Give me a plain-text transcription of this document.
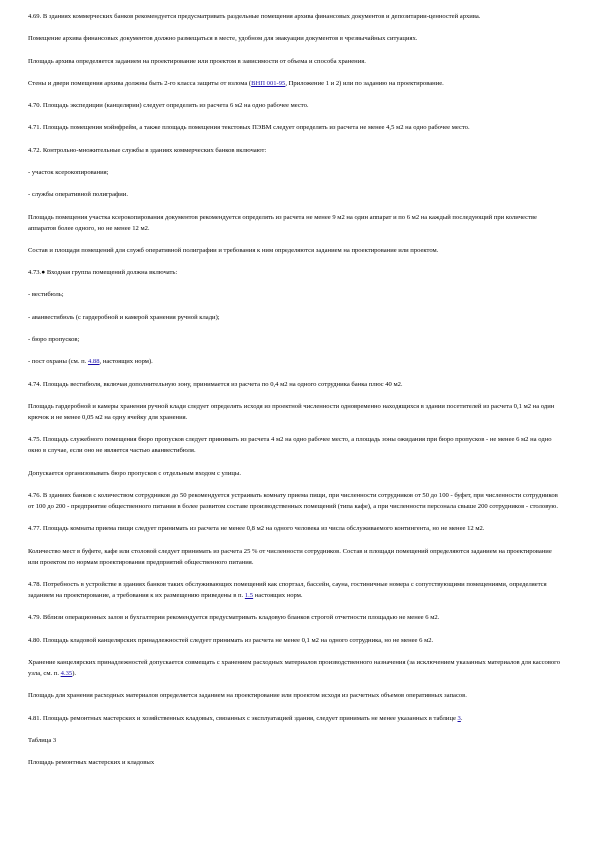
4.69. В зданиях коммерческих банков рекомендуется предусматривать раздельные помещения архива финансовых документов и депозитарии-ценностей архива.

Помещение архива финансовых документов должно размещаться в месте, удобном для эвакуации документов в чрезвычайных ситуациях.

Площадь архива определяется заданием на проектирование или проектом в зависимости от объема и способа хранения.

Стены и двери помещения архива должны быть 2-го класса защиты от взлома (ВНП 001-95, Приложение 1 и 2) или по заданию на проектирование.

4.70. Площадь экспедиции (канцелярии) следует определять из расчета 6 м2 на одно рабочее место.

4.71. Площадь помещения мэйнфрейм, а также площадь помещения текстовых ПЭВМ следует определять из расчета не менее 4,5 м2 на одно рабочее место.

4.72. Контрольно-множительные службы в зданиях коммерческих банков включают:

- участок ксерокопирования;

- службы оперативной полиграфии.

Площадь помещения участка ксерокопирования документов рекомендуется определять из расчета не менее 9 м2 на один аппарат и по 6 м2 на каждый последующий при количестве аппаратов более одного, но не менее 12 м2.

Состав и площади помещений для служб оперативной полиграфии и требования к ним определяются заданием на проектирование или проектом.

4.73.● Входная группа помещений должна включать:

- вестибюль;

- аванвестибюль (с гардеробной и камерой хранения ручной клади);

- бюро пропусков;

- пост охраны (см. п. 4.88, настоящих норм).

4.74. Площадь вестибюля, включая дополнительную зону, принимается из расчета по 0,4 м2 на одного сотрудника банка плюс 40 м2.

Площадь гардеробной и камеры хранения ручной клади следует определять исходя из проектной численности одновременно находящихся в здании посетителей из расчета 0,1 м2 на один крючок и не менее 0,05 м2 на одну ячейку для хранения.

4.75. Площадь служебного помещения бюро пропусков следует принимать из расчета 4 м2 на одно рабочее место, а площадь зоны ожидания при бюро пропусков - не менее 6 м2 на одно окно в случае, если оно не является частью аванвестибюля.

Допускается организовывать бюро пропусков с отдельным входом с улицы.

4.76. В зданиях банков с количеством сотрудников до 50 рекомендуется устраивать комнату приема пищи, при численности сотрудников от 50 до 100 - буфет, при численности сотрудников от 100 до 200 - предприятие общественного питания в более развитом составе производственных помещений (типа кафе), а при численности персонала свыше 200 сотрудников - столовую.

4.77. Площадь комнаты приема пищи следует принимать из расчета не менее 0,8 м2 на одного человека из числа обслуживаемого контингента, но не менее 12 м2.

Количество мест в буфете, кафе или столовой следует принимать из расчета 25 % от численности сотрудников. Состав и площади помещений определяются заданием на проектирование или проектом по нормам проектирования предприятий общественного питания.

4.78. Потребность в устройстве в зданиях банков таких обслуживающих помещений как спортзал, бассейн, сауна, гостиничные номера с сопутствующими помещениями, определяется заданием на проектирование, а требования к их размещению приведены в п. 1.5 настоящих норм.

4.79. Вблизи операционных залов и бухгалтерии рекомендуется предусматривать кладовую бланков строгой отчетности площадью не менее 6 м2.

4.80. Площадь кладовой канцелярских принадлежностей следует принимать из расчета не менее 0,1 м2 на одного сотрудника, но не менее 6 м2.

Хранение канцелярских принадлежностей допускается совмещать с хранением расходных материалов производственного назначения (за исключением указанных материалов для кассового узла, см. п. 4.35).

Площадь для хранения расходных материалов определяется заданием на проектирование или проектом исходя из расчетных объемов оперативных запасов.

4.81. Площадь ремонтных мастерских и хозяйственных кладовых, связанных с эксплуатацией здания, следует принимать не менее указанных в таблице 3.

Таблица 3

Площадь ремонтных мастерских и кладовых
